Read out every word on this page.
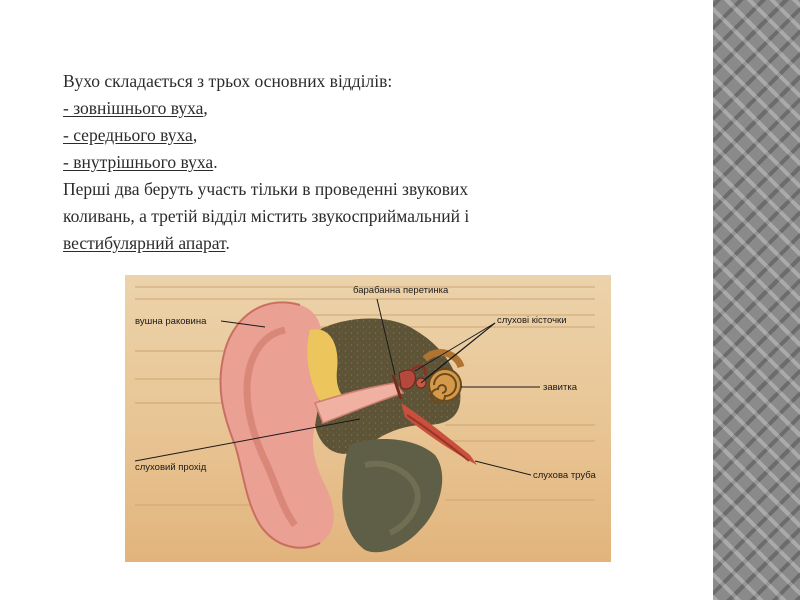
Вухо складається з трьох основних відділів:

- зовнішнього вуха,

- середнього вуха,

- внутрішнього вуха.

Перші два беруть участь тільки в проведенні звукових

коливань, а третій відділ містить звукосприймальний і

вестибулярний апарат.

барабанна перетинка
вушна раковина	слухові кісточки
завитка
слуховий прохід
слухова труба
